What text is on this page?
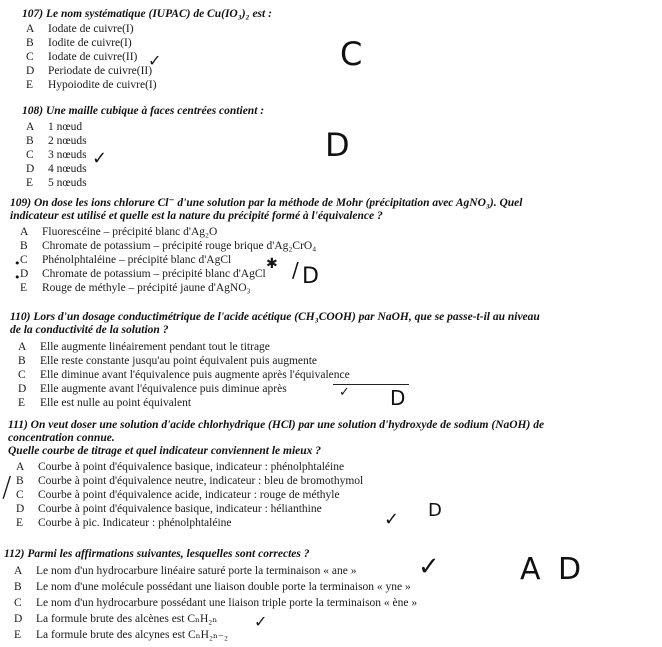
107) Le nom systématique (IUPAC) de Cu(IO₃)₂ est :
A Iodate de cuivre(I)
B Iodite de cuivre(I)
C Iodate de cuivre(II)
D Periodate de cuivre(II)
E Hypoiodite de cuivre(I)
✓	C
108) Une maille cubique à faces centrées contient :
A 1 nœud
B 2 nœuds
C 3 nœuds
D 4 nœuds
E 5 nœuds
✓	D
109) On dose les ions chlorure Cl⁻ d'une solution par la méthode de Mohr (précipitation avec AgNO₃). Quel
indicateur est utilisé et quelle est la nature du précipité formé à l'équivalence ?
A Fluorescéine – précipité blanc d'Ag₂O
B Chromate de potassium – précipité rouge brique d'Ag₂CrO₄
C Phénolphtaléine – précipité blanc d'AgCl
D Chromate de potassium – précipité blanc d'AgCl
E Rouge de méthyle – précipité jaune d'AgNO₃
•
•
✱ D
/
110) Lors d'un dosage conductimétrique de l'acide acétique (CH₃COOH) par NaOH, que se passe-t-il au niveau
de la conductivité de la solution ?
A Elle augmente linéairement pendant tout le titrage
B Elle reste constante jusqu'au point équivalent puis augmente
C Elle diminue avant l'équivalence puis augmente après l'équivalence
D Elle augmente avant l'équivalence puis diminue après
E Elle est nulle au point équivalent
✓ D
111) On veut doser une solution d'acide chlorhydrique (HCl) par une solution d'hydroxyde de sodium (NaOH) de
concentration connue.
Quelle courbe de titrage et quel indicateur conviennent le mieux ?
A Courbe à point d'équivalence basique, indicateur : phénolphtaléine
B Courbe à point d'équivalence neutre, indicateur : bleu de bromothymol
C Courbe à point d'équivalence acide, indicateur : rouge de méthyle
D Courbe à point d'équivalence basique, indicateur : hélianthine
E Courbe à pic. Indicateur : phénolphtaléine
/
✓ D
112) Parmi les affirmations suivantes, lesquelles sont correctes ?
A Le nom d'un hydrocarbure linéaire saturé porte la terminaison « ane »
B Le nom d'une molécule possédant une liaison double porte la terminaison « yne »
C Le nom d'un hydrocarbure possédant une liaison triple porte la terminaison « ène »
D La formule brute des alcènes est CₙH₂ₙ
E La formule brute des alcynes est CₙH₂ₙ₋₂
✓
✓
A D
